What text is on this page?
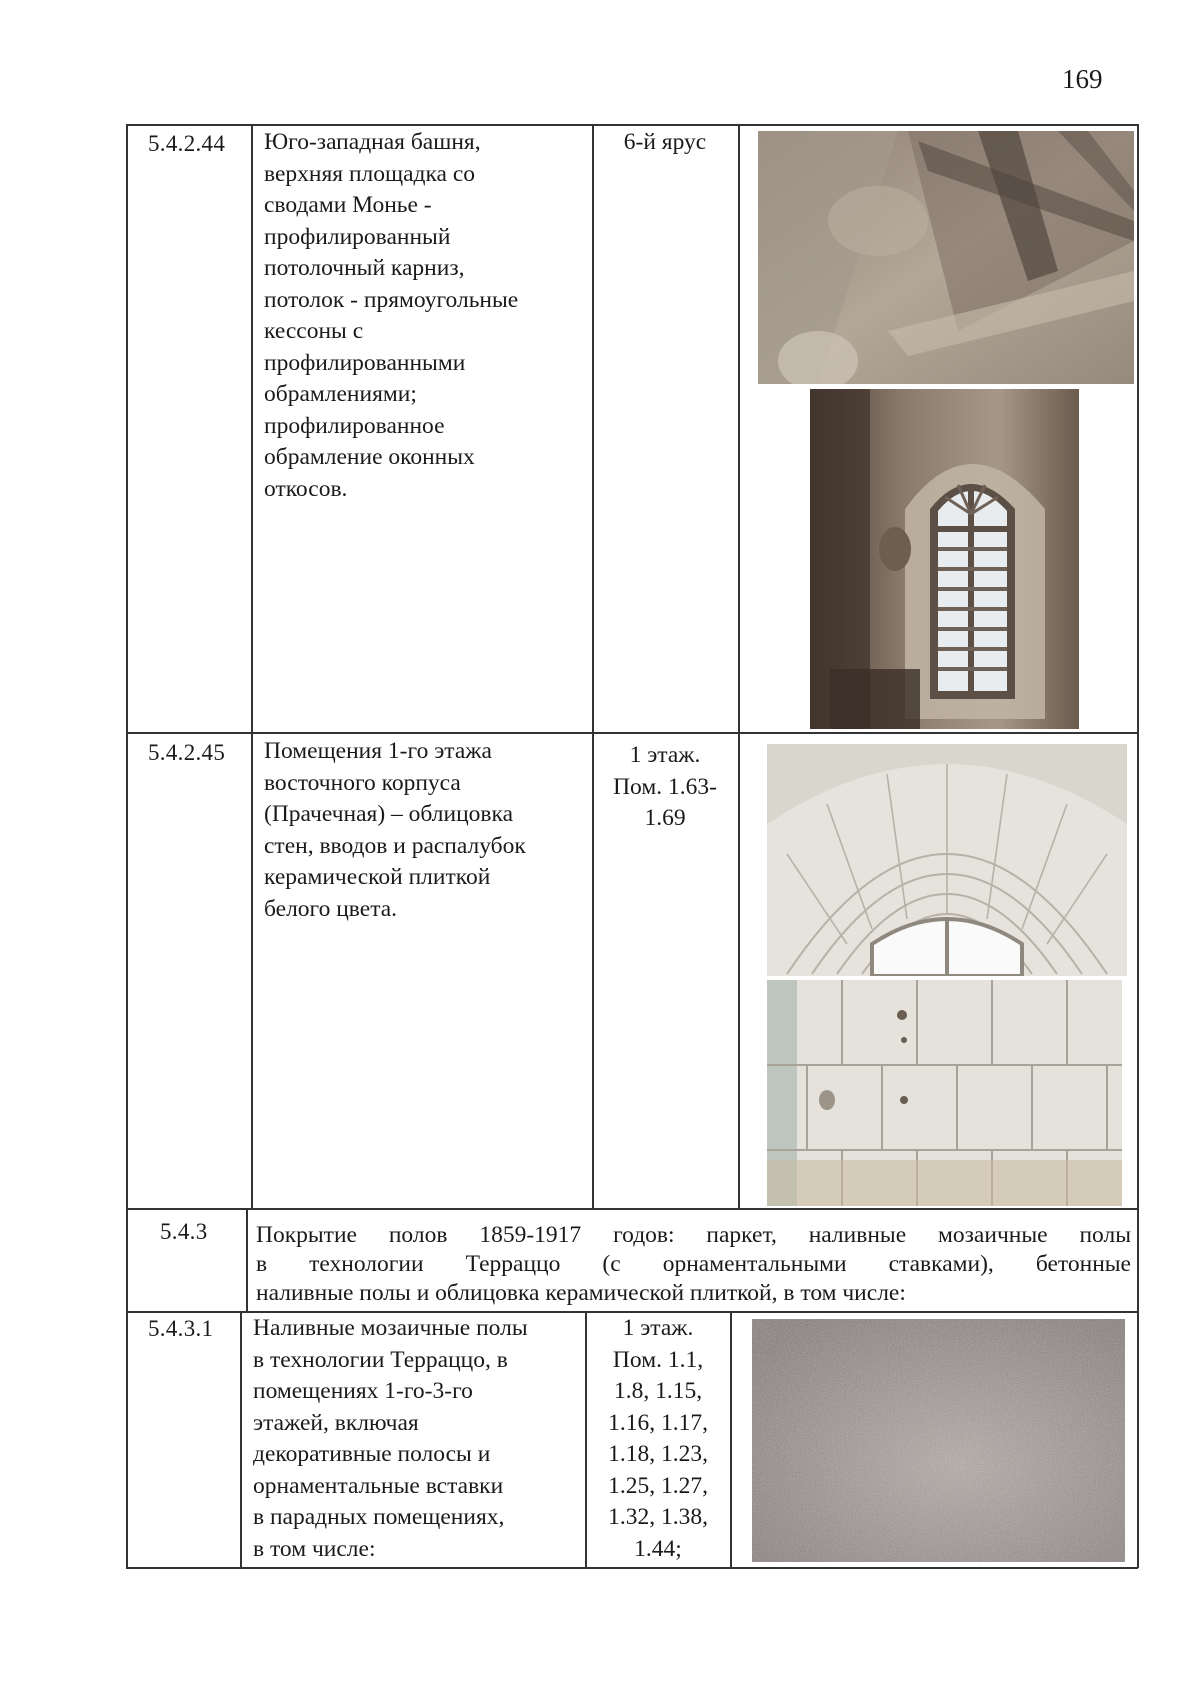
169
5.4.2.44 Юго-западная башня,
верхняя площадка со
сводами Монье -
профилированный
потолочный карниз,
потолок - прямоугольные
кессоны с
профилированными
обрамлениями;
профилированное
обрамление оконных
откосов.
6-й ярус
5.4.2.45 Помещения 1-го этажа
восточного корпуса
(Прачечная) – облицовка
стен, вводов и распалубок
керамической плиткой
белого цвета.
1 этаж.
Пом. 1.63-
1.69
5.4.3 Покрытие полов 1859-1917 годов: паркет, наливные мозаичные полы
в технологии Терраццо (с орнаментальными ставками), бетонные
наливные полы и облицовка керамической плиткой, в том числе:
5.4.3.1 Наливные мозаичные полы
в технологии Терраццо, в
помещениях 1-го-3-го
этажей, включая
декоративные полосы и
орнаментальные вставки
в парадных помещениях,
в том числе:
1 этаж.
Пом. 1.1,
1.8, 1.15,
1.16, 1.17,
1.18, 1.23,
1.25, 1.27,
1.32, 1.38,
1.44;
